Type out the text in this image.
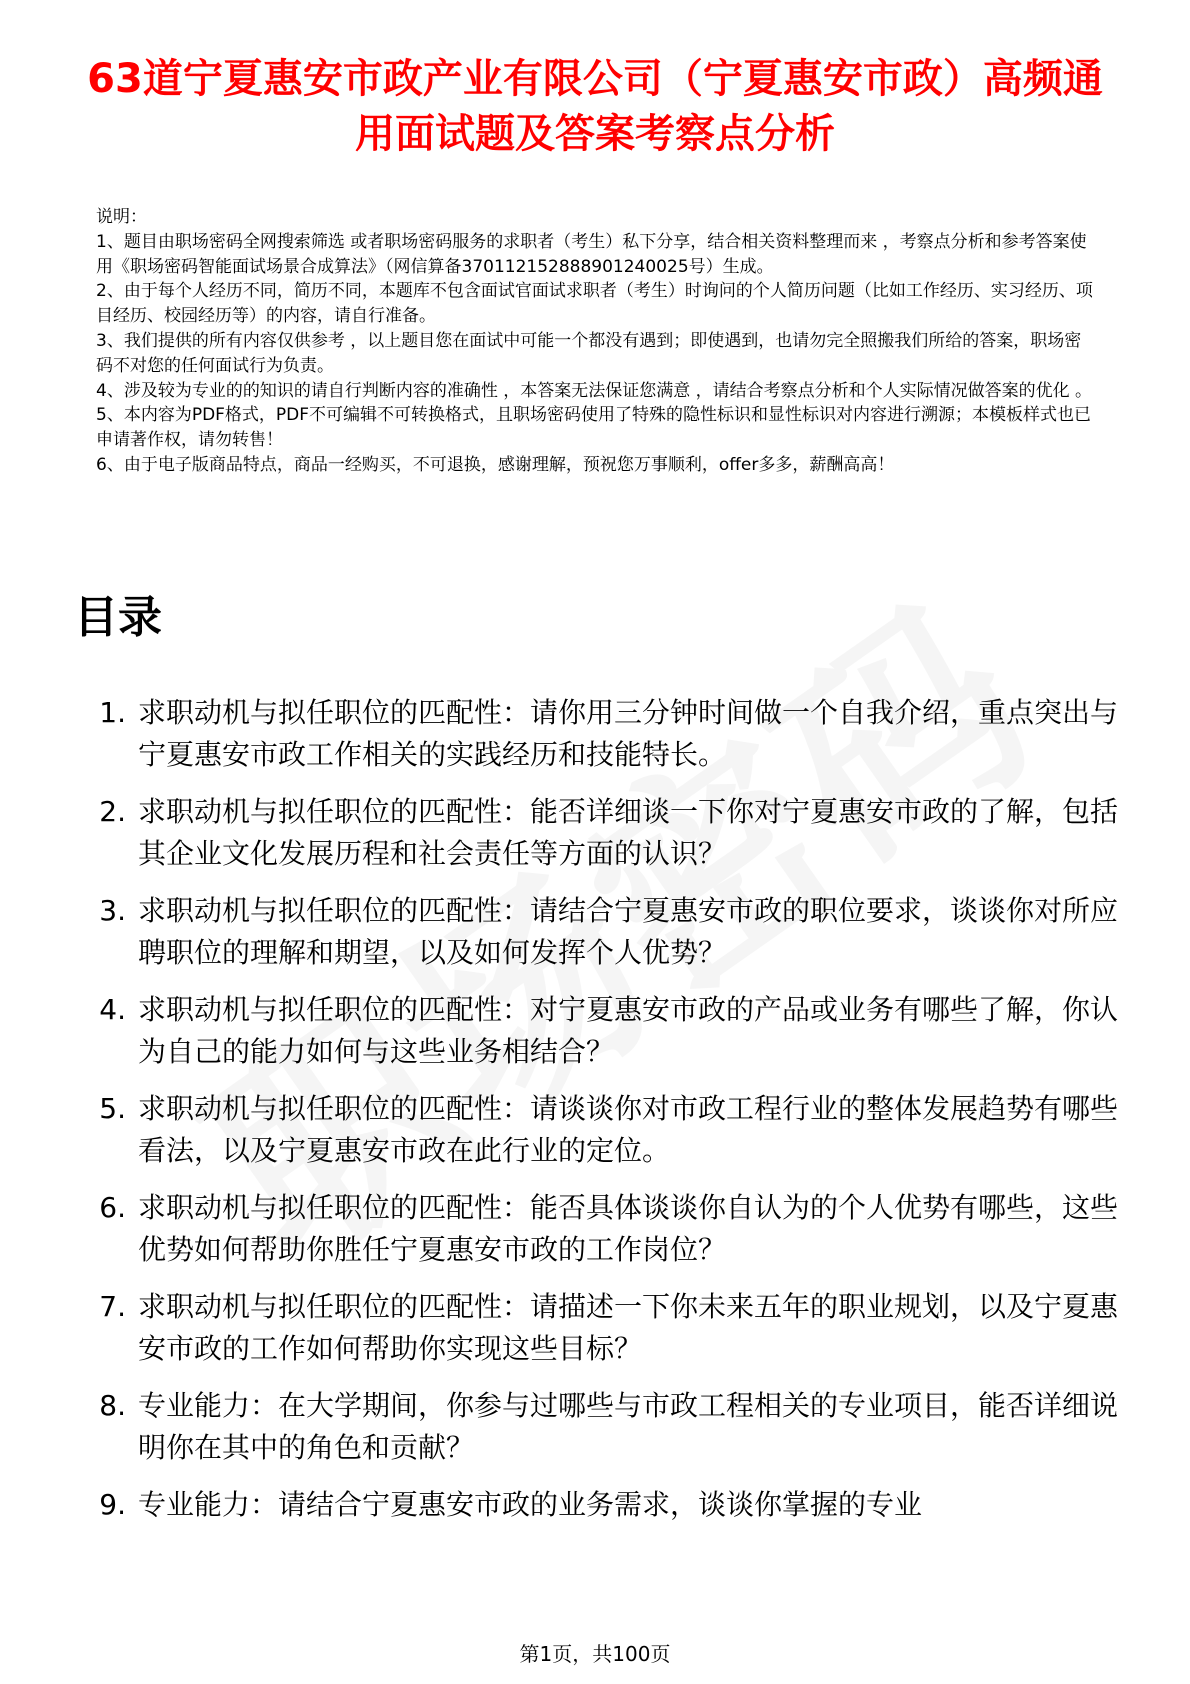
63道宁夏惠安市政产业有限公司（宁夏惠安市政）高频通用面试题及答案考察点分析

说明：

1、题目由职场密码全网搜索筛选 或者职场密码服务的求职者（考生）私下分享，结合相关资料整理而来 ，考察点分析和参考答案使用《职场密码智能面试场景合成算法》（网信算备370112152888901240025号）生成。

2、由于每个人经历不同，简历不同，本题库不包含面试官面试求职者（考生）时询问的个人简历问题（比如工作经历、实习经历、项目经历、校园经历等）的内容，请自行准备。

3、我们提供的所有内容仅供参考 ，以上题目您在面试中可能一个都没有遇到；即使遇到，也请勿完全照搬我们所给的答案，职场密码不对您的任何面试行为负责。

4、涉及较为专业的的知识的请自行判断内容的准确性 ，本答案无法保证您满意 ，请结合考察点分析和个人实际情况做答案的优化 。

5、本内容为PDF格式，PDF不可编辑不可转换格式，且职场密码使用了特殊的隐性标识和显性标识对内容进行溯源；本模板样式也已申请著作权，请勿转售！

6、由于电子版商品特点，商品一经购买，不可退换，感谢理解，预祝您万事顺利，offer多多，薪酬高高！

目录
1. 求职动机与拟任职位的匹配性：请你用三分钟时间做一个自我介绍，重点突出与宁夏惠安市政工作相关的实践经历和技能特长。
2. 求职动机与拟任职位的匹配性：能否详细谈一下你对宁夏惠安市政的了解，包括其企业文化发展历程和社会责任等方面的认识？
3. 求职动机与拟任职位的匹配性：请结合宁夏惠安市政的职位要求，谈谈你对所应聘职位的理解和期望，以及如何发挥个人优势？
4. 求职动机与拟任职位的匹配性：对宁夏惠安市政的产品或业务有哪些了解，你认为自己的能力如何与这些业务相结合？
5. 求职动机与拟任职位的匹配性：请谈谈你对市政工程行业的整体发展趋势有哪些看法，以及宁夏惠安市政在此行业的定位。
6. 求职动机与拟任职位的匹配性：能否具体谈谈你自认为的个人优势有哪些，这些优势如何帮助你胜任宁夏惠安市政的工作岗位？
7. 求职动机与拟任职位的匹配性：请描述一下你未来五年的职业规划，以及宁夏惠安市政的工作如何帮助你实现这些目标？
8. 专业能力：在大学期间，你参与过哪些与市政工程相关的专业项目，能否详细说明你在其中的角色和贡献？
9. 专业能力：请结合宁夏惠安市政的业务需求，谈谈你掌握的专业
第1页，共100页
